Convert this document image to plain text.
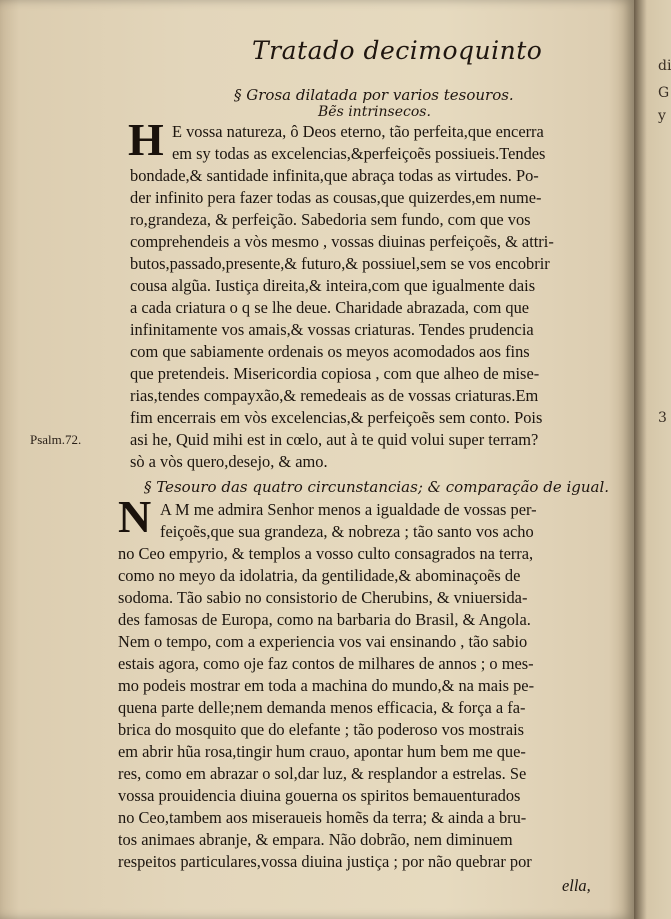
di
G
y
3
Tratado decimoquinto
§ Grosa dilatada por varios tesouros.
Bẽs intrinsecos.
H E vossa natureza, ô Deos eterno, tão perfeita,que encerra
em sy todas as excelencias,&perfeiçoẽs possiueis.Tendes
bondade,& santidade infinita,que abraça todas as virtudes. Po-
der infinito pera fazer todas as cousas,que quizerdes,em nume-
ro,grandeza, & perfeição. Sabedoria sem fundo, com que vos
comprehendeis a vòs mesmo , vossas diuinas perfeiçoẽs, & attri-
butos,passado,presente,& futuro,& possiuel,sem se vos encobrir
cousa algũa. Iustiça direita,& inteira,com que igualmente dais
a cada criatura o q se lhe deue. Charidade abrazada, com que
infinitamente vos amais,& vossas criaturas. Tendes prudencia
com que sabiamente ordenais os meyos acomodados aos fins
que pretendeis. Misericordia copiosa , com que alheo de mise-
rias,tendes compayxão,& remedeais as de vossas criaturas.Em
fim encerrais em vòs excelencias,& perfeiçoẽs sem conto. Pois
asi he, Quid mihi est in cœlo, aut à te quid volui super terram?
sò a vòs quero,desejo, & amo.
Psalm.72.
§ Tesouro das quatro circunstancias; & comparação de igual.
N A M me admira Senhor menos a igualdade de vossas per-
feiçoẽs,que sua grandeza, & nobreza ; tão santo vos acho
no Ceo empyrio, & templos a vosso culto consagrados na terra,
como no meyo da idolatria, da gentilidade,& abominaçoẽs de
sodoma. Tão sabio no consistorio de Cherubins, & vniuersida-
des famosas de Europa, como na barbaria do Brasil, & Angola.
Nem o tempo, com a experiencia vos vai ensinando , tão sabio
estais agora, como oje faz contos de milhares de annos ; o mes-
mo podeis mostrar em toda a machina do mundo,& na mais pe-
quena parte delle;nem demanda menos efficacia, & força a fa-
brica do mosquito que do elefante ; tão poderoso vos mostrais
em abrir hũa rosa,tingir hum crauo, apontar hum bem me que-
res, como em abrazar o sol,dar luz, & resplandor a estrelas. Se
vossa prouidencia diuina gouerna os spiritos bemauenturados
no Ceo,tambem aos miseraueis homẽs da terra; & ainda a bru-
tos animaes abranje, & empara. Não dobrão, nem diminuem
respeitos particulares,vossa diuina justiça ; por não quebrar por
ella,
